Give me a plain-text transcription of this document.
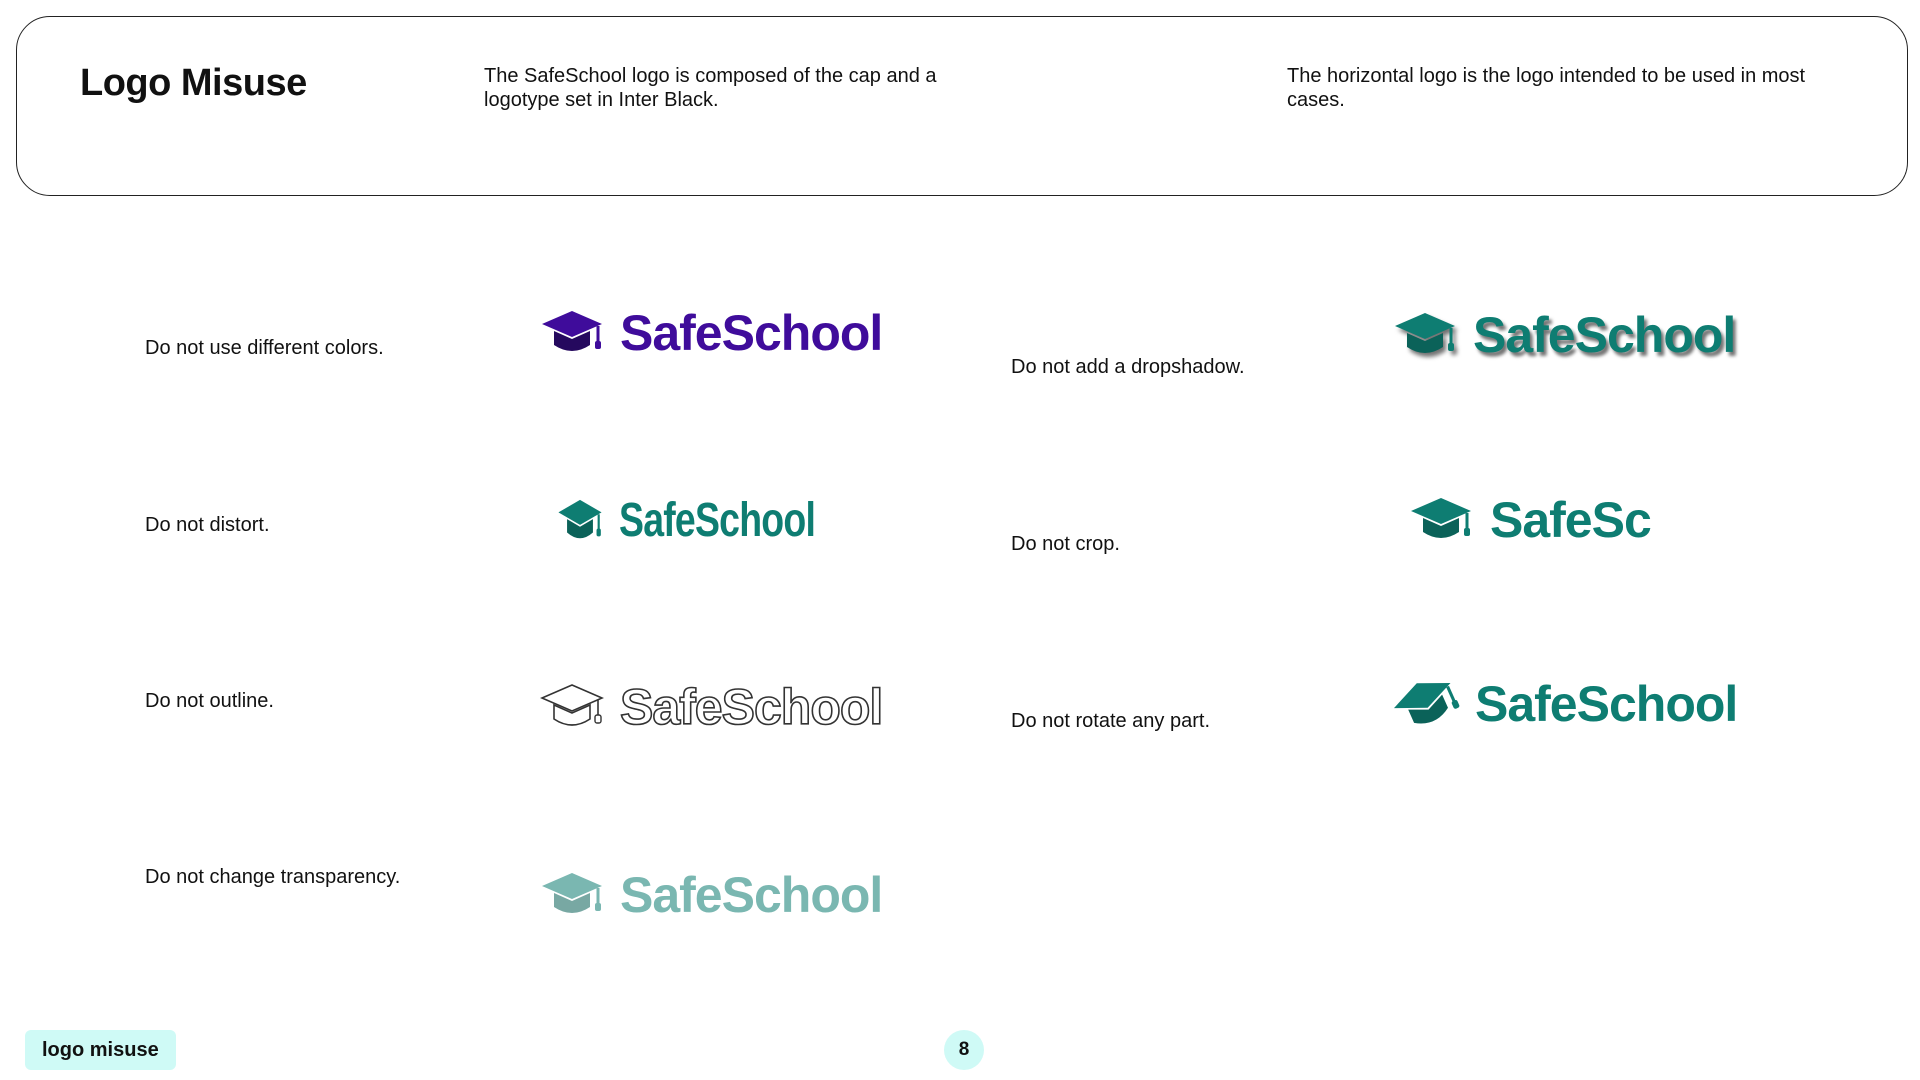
Logo Misuse	The SafeSchool logo is composed of the cap and a logotype set in Inter Black.
The horizontal logo is the logo intended to be used in most cases.
Do not use different colors.	SafeSchool
Do not add a dropshadow.
SafeSchool
Do not distort.	SafeSchool	Do not crop.	SafeSc
Do not outline.	SafeSchool	Do not rotate any part.	SafeSchool
Do not change transparency.	SafeSchool
logo misuse	8
